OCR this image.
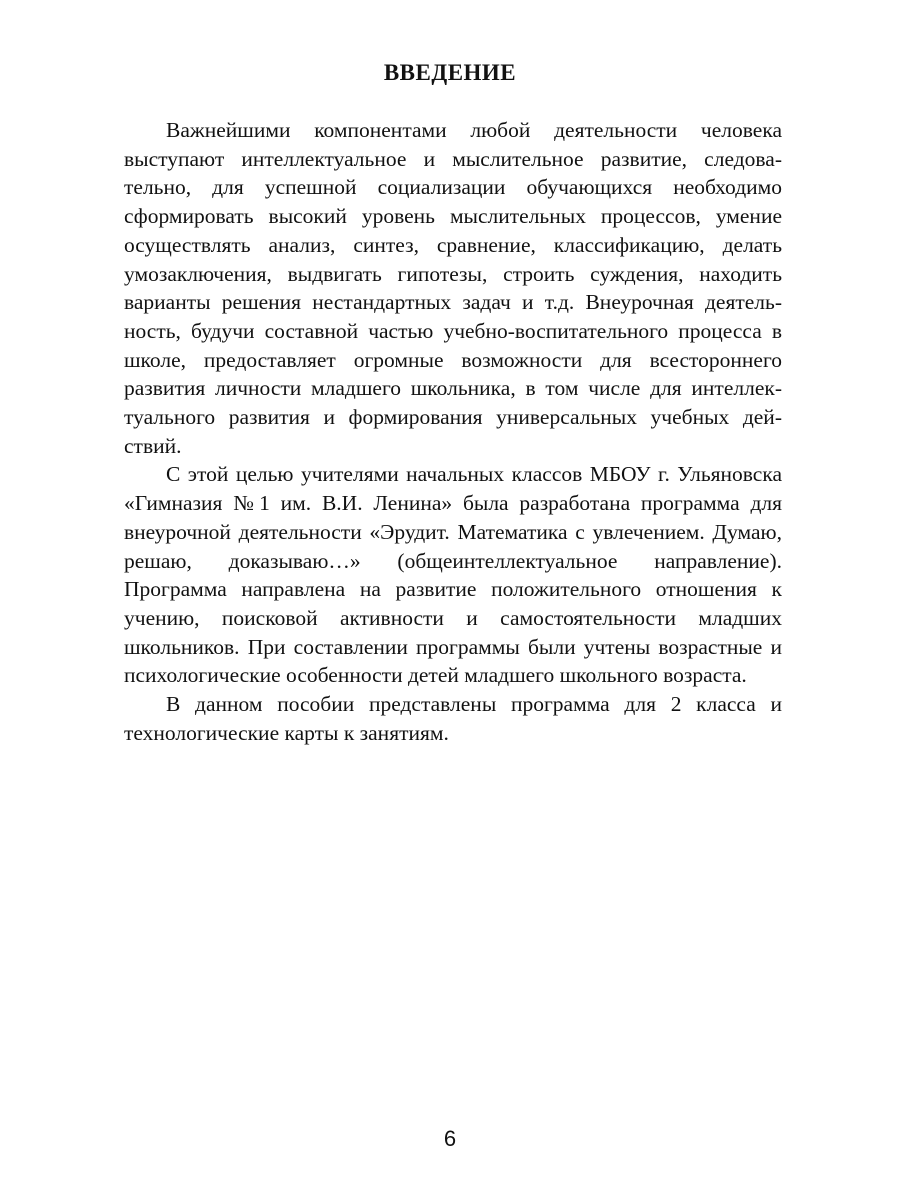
ВВЕДЕНИЕ

Важнейшими компонентами любой деятельности человека выступают интеллектуальное и мыслительное развитие, следовательно, для успешной социализации обучающихся необходимо сформировать высокий уровень мыслительных процессов, умение осуществлять анализ, синтез, сравнение, классификацию, делать умозаключения, выдвигать гипотезы, строить суждения, находить варианты решения нестандартных задач и т.д. Внеурочная деятельность, будучи составной частью учебно-воспитательного процесса в школе, предоставляет огромные возможности для всестороннего развития личности младшего школьника, в том числе для интеллектуального развития и формирования универсальных учебных действий.

С этой целью учителями начальных классов МБОУ г. Ульяновска «Гимназия №1 им. В.И. Ленина» была разработана программа для внеурочной деятельности «Эрудит. Математика с увлечением. Думаю, решаю, доказываю…» (общеинтеллектуальное направление). Программа направлена на развитие положительного отношения к учению, поисковой активности и самостоятельности младших школьников. При составлении программы были учтены возрастные и психологические особенности детей младшего школьного возраста.

В данном пособии представлены программа для 2 класса и технологические карты к занятиям.

6
